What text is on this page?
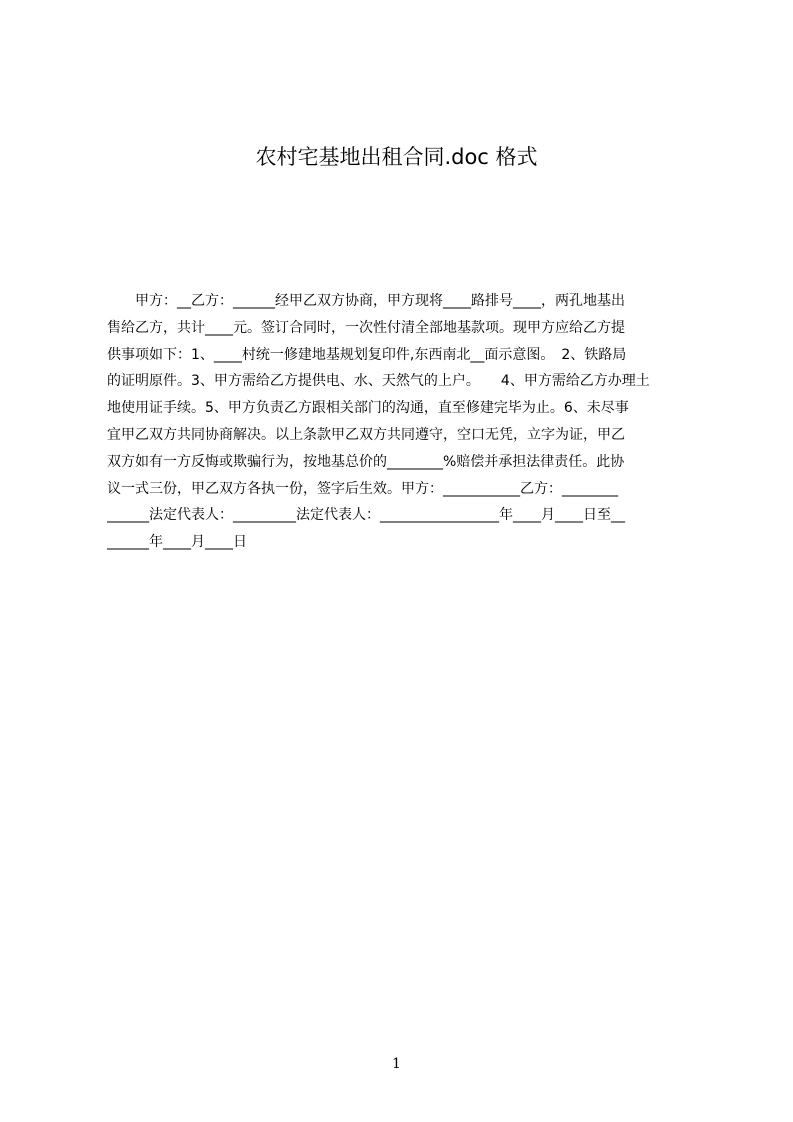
农村宅基地出租合同.doc 格式
　　甲方：__乙方：______经甲乙双方协商，甲方现将____路排号____，两孔地基出
售给乙方，共计____元。签订合同时，一次性付清全部地基款项。现甲方应给乙方提
供事项如下：1、____村统一修建地基规划复印件,东西南北__面示意图。　2、铁路局
的证明原件。3、甲方需给乙方提供电、水、天然气的上户。　　4、甲方需给乙方办理土
地使用证手续。5、甲方负责乙方跟相关部门的沟通，直至修建完毕为止。6、未尽事
宜甲乙双方共同协商解决。以上条款甲乙双方共同遵守，空口无凭，立字为证，甲乙
双方如有一方反悔或欺骗行为，按地基总价的________%赔偿并承担法律责任。此协
议一式三份，甲乙双方各执一份，签字后生效。甲方：___________乙方：________
______法定代表人：_________法定代表人：_________________年____月____日至__
______年____月____日
1
